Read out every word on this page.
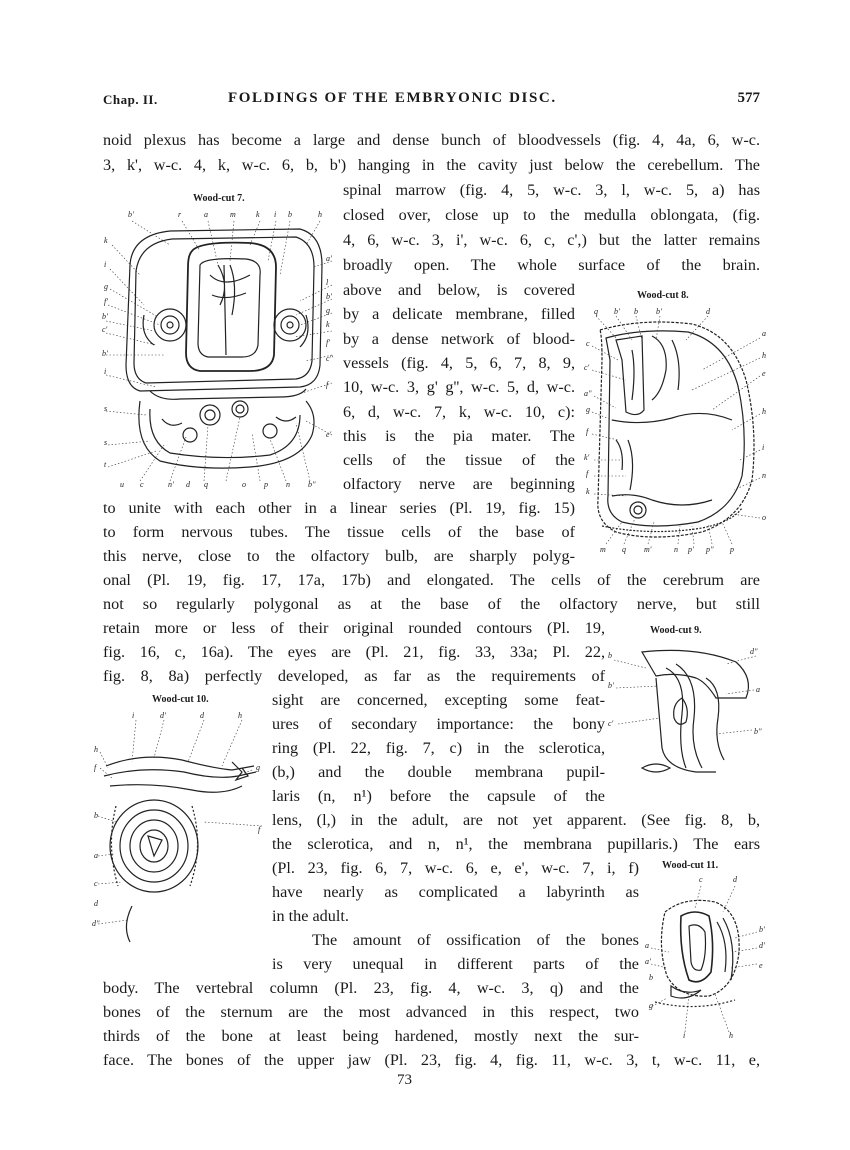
Chap. II.	FOLDINGS OF THE EMBRYONIC DISC.	577
noid plexus has become a large and dense bunch of bloodvessels (fig. 4, 4a, 6, w-c.
3, k', w-c. 4, k, w-c. 6, b, b') hanging in the cavity just below the cerebellum. The
spinal marrow (fig. 4, 5, w-c. 3, l, w-c. 5, a) has
closed over, close up to the medulla oblongata, (fig.
4, 6, w-c. 3, i', w-c. 6, c, c',) but the latter remains
broadly open. The whole surface of the brain.
above and below, is covered
by a delicate membrane, filled
by a dense network of blood-
vessels (fig. 4, 5, 6, 7, 8, 9,
10, w-c. 3, g' g'', w-c. 5, d, w-c.
6, d, w-c. 7, k, w-c. 10, c):
this is the pia mater. The
cells of the tissue of the
olfactory nerve are beginning
to unite with each other in a linear series (Pl. 19, fig. 15)
to form nervous tubes. The tissue cells of the base of
this nerve, close to the olfactory bulb, are sharply polyg-
onal (Pl. 19, fig. 17, 17a, 17b) and elongated. The cells of the cerebrum are
not so regularly polygonal as at the base of the olfactory nerve, but still
retain more or less of their original rounded contours (Pl. 19,
fig. 16, c, 16a). The eyes are (Pl. 21, fig. 33, 33a; Pl. 22,
fig. 8, 8a) perfectly developed, as far as the requirements of
sight are concerned, excepting some feat-
ures of secondary importance: the bony
ring (Pl. 22, fig. 7, c) in the sclerotica,
(b,) and the double membrana pupil-
laris (n, n¹) before the capsule of the
lens, (l,) in the adult, are not yet apparent. (See fig. 8, b,
the sclerotica, and n, n¹, the membrana pupillaris.) The ears
(Pl. 23, fig. 6, 7, w-c. 6, e, e', w-c. 7, i, f)
have nearly as complicated a labyrinth as
in the adult.
The amount of ossification of the bones
is very unequal in different parts of the
body. The vertebral column (Pl. 23, fig. 4, w-c. 3, q) and the
bones of the sternum are the most advanced in this respect, two
thirds of the bone at least being hardened, mostly next the sur-
face. The bones of the upper jaw (Pl. 23, fig. 4, fig. 11, w-c. 3, t, w-c. 11, e,
73
Wood-cut 7.
b'	r	a	m	k i b	h
k
i
g
f'
b'
c'
b'
i
s
s
t
a'
l
b'
g
k
f'
c''
f
e'
u c	n' d q	o p n b''
Wood-cut 8.
q b' b b'	d
c
c'
a''
g
f
k'
f
k
a
h
e
h
i
n
o
m q m'	n p' p'' p
Wood-cut 9.
b
b'
c'
d''
a
b''
Wood-cut 10.
i	d'	d	h
h
f	g
b
f
a
c
d
d''
Wood-cut 11.
c	d
b'
d'
e
a
a'
b
g
i	h
